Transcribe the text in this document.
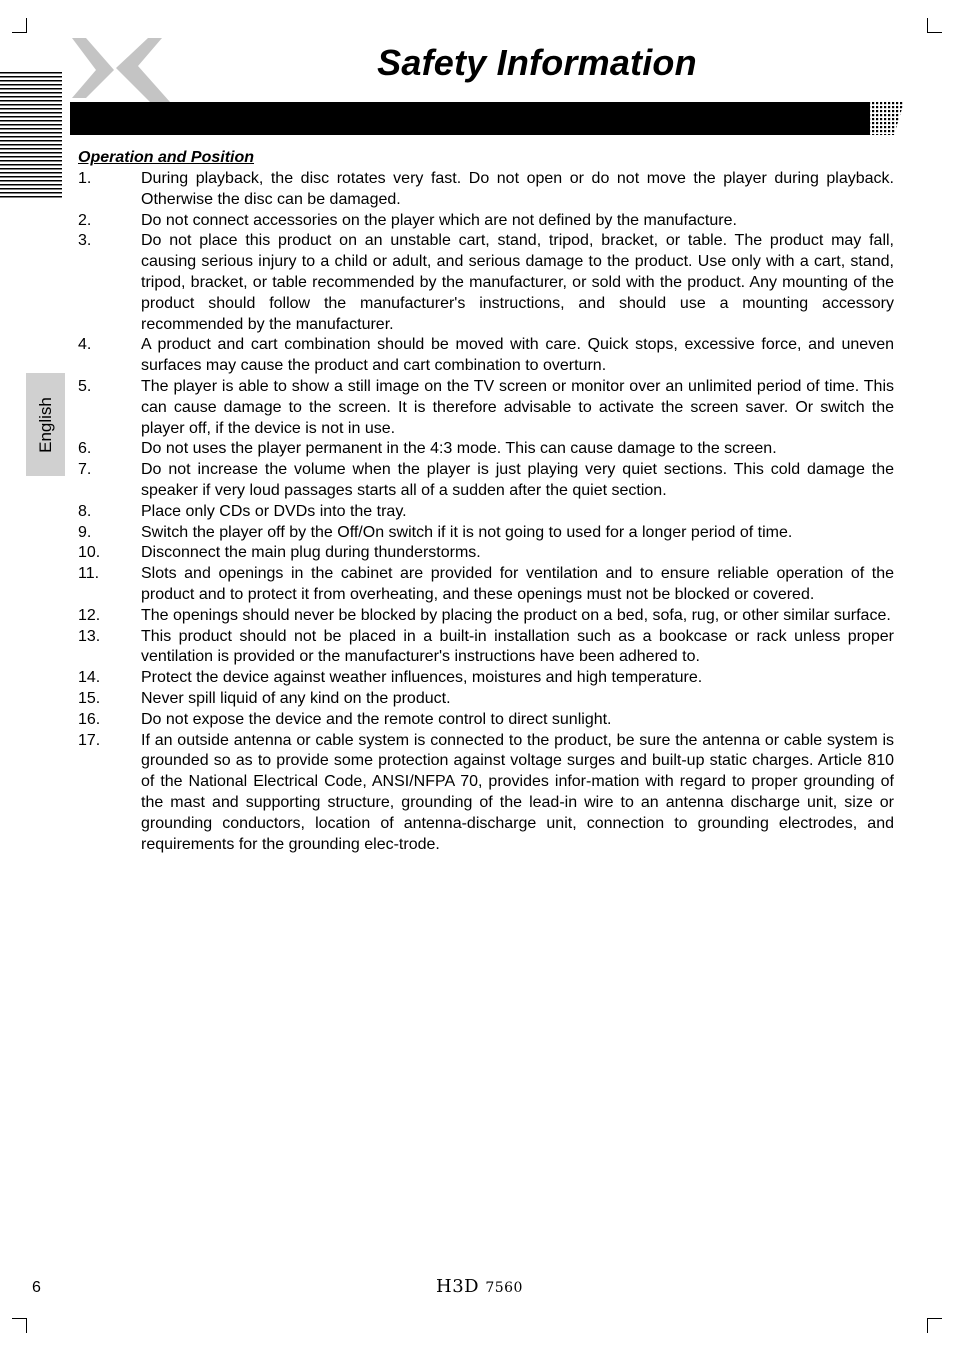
Safety Information
English
Operation and Position
1.	During playback, the disc rotates very fast. Do not open or do not move the player during playback. Otherwise the disc can be damaged.
2.	Do not connect accessories on the player which are not defined by the manufacture.
3.	Do not place this product on an unstable cart, stand, tripod, bracket, or table. The product may fall, causing serious injury to a child or adult, and serious damage to the product. Use only with a cart, stand, tripod, bracket, or table recommended by the manufacturer, or sold with the product. Any mounting of the product should follow the manufacturer's instructions, and should use a mounting accessory recommended by the manufacturer.
4.	A product and cart combination should be moved with care. Quick stops, excessive force, and uneven surfaces may cause the product and cart combination to overturn.
5.	The player is able to show a still image on the TV screen or monitor over an unlimited period of time. This can cause damage to the screen. It is therefore advisable to activate the screen saver. Or switch the player off, if the device is not in use.
6.	Do not uses the player permanent in the 4:3 mode. This can cause damage to the screen.
7.	Do not increase the volume when the player is just playing very quiet sections. This cold damage the speaker if very loud passages starts all of a sudden after the quiet section.
8.	Place only CDs or DVDs into the tray.
9.	Switch the player off by the Off/On switch if it is not going to used for a longer period of time.
10.	Disconnect the main plug during thunderstorms.
11.	Slots and openings in the cabinet are provided for ventilation and to ensure reliable operation of the product and to protect it from overheating, and these openings must not be blocked or covered.
12.	The openings should never be blocked by placing the product on a bed, sofa, rug, or other similar surface.
13.	This product should not be placed in a built-in installation such as a bookcase or rack unless proper ventilation is provided or the manufacturer's instructions have been adhered to.
14.	Protect the device against weather influences, moistures and high temperature.
15.	Never spill liquid of any kind on the product.
16.	Do not expose the device and the remote control to direct sunlight.
17.	If an outside antenna or cable system is connected to the product, be sure the antenna or cable system is grounded so as to provide some protection against voltage surges and built-up static charges. Article 810 of the National Electrical Code, ANSI/NFPA 70, provides infor-mation with regard to proper grounding of the mast and supporting structure, grounding of the lead-in wire to an antenna discharge unit, size or grounding conductors, location of antenna-discharge unit, connection to grounding electrodes, and requirements for the grounding elec-trode.
6	H3D 7560
